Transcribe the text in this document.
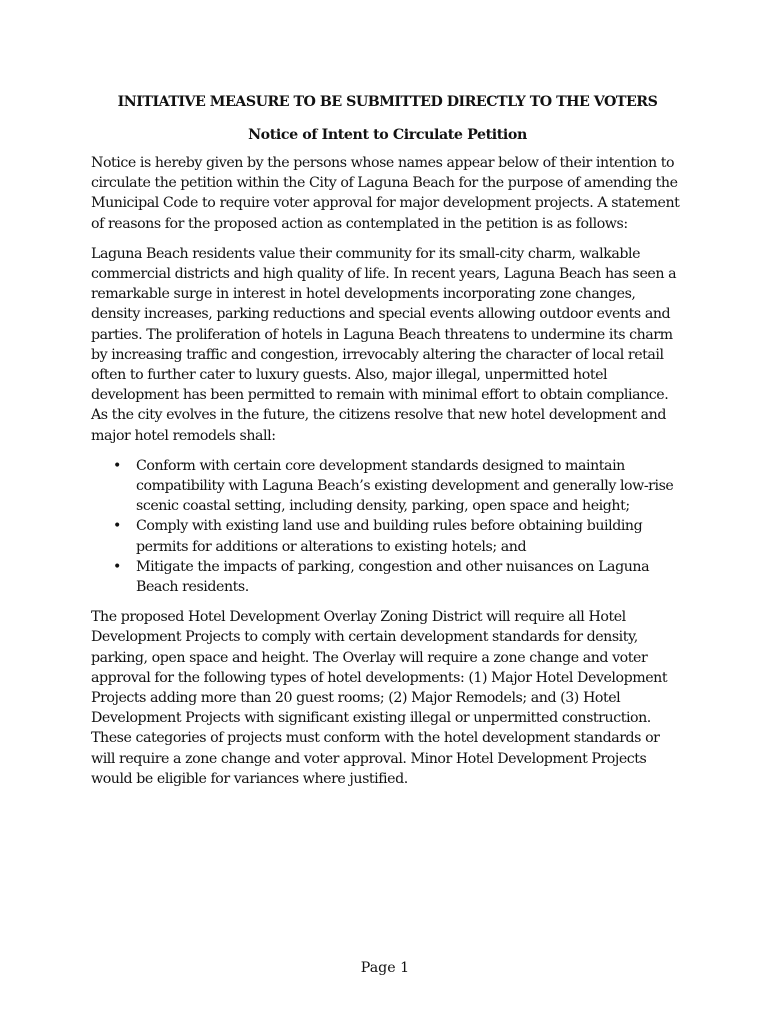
INITIATIVE MEASURE TO BE SUBMITTED DIRECTLY TO THE VOTERS
Notice of Intent to Circulate Petition

Notice is hereby given by the persons whose names appear below of their intention to circulate the petition within the City of Laguna Beach for the purpose of amending the Municipal Code to require voter approval for major development projects. A statement of reasons for the proposed action as contemplated in the petition is as follows:

Laguna Beach residents value their community for its small-city charm, walkable commercial districts and high quality of life. In recent years, Laguna Beach has seen a remarkable surge in interest in hotel developments incorporating zone changes, density increases, parking reductions and special events allowing outdoor events and parties. The proliferation of hotels in Laguna Beach threatens to undermine its charm by increasing traffic and congestion, irrevocably altering the character of local retail often to further cater to luxury guests. Also, major illegal, unpermitted hotel development has been permitted to remain with minimal effort to obtain compliance. As the city evolves in the future, the citizens resolve that new hotel development and major hotel remodels shall:

• Conform with certain core development standards designed to maintain compatibility with Laguna Beach’s existing development and generally low-rise scenic coastal setting, including density, parking, open space and height;
• Comply with existing land use and building rules before obtaining building permits for additions or alterations to existing hotels; and
• Mitigate the impacts of parking, congestion and other nuisances on Laguna Beach residents.

The proposed Hotel Development Overlay Zoning District will require all Hotel Development Projects to comply with certain development standards for density, parking, open space and height. The Overlay will require a zone change and voter approval for the following types of hotel developments: (1) Major Hotel Development Projects adding more than 20 guest rooms; (2) Major Remodels; and (3) Hotel Development Projects with significant existing illegal or unpermitted construction. These categories of projects must conform with the hotel development standards or will require a zone change and voter approval. Minor Hotel Development Projects would be eligible for variances where justified.

Page 1
